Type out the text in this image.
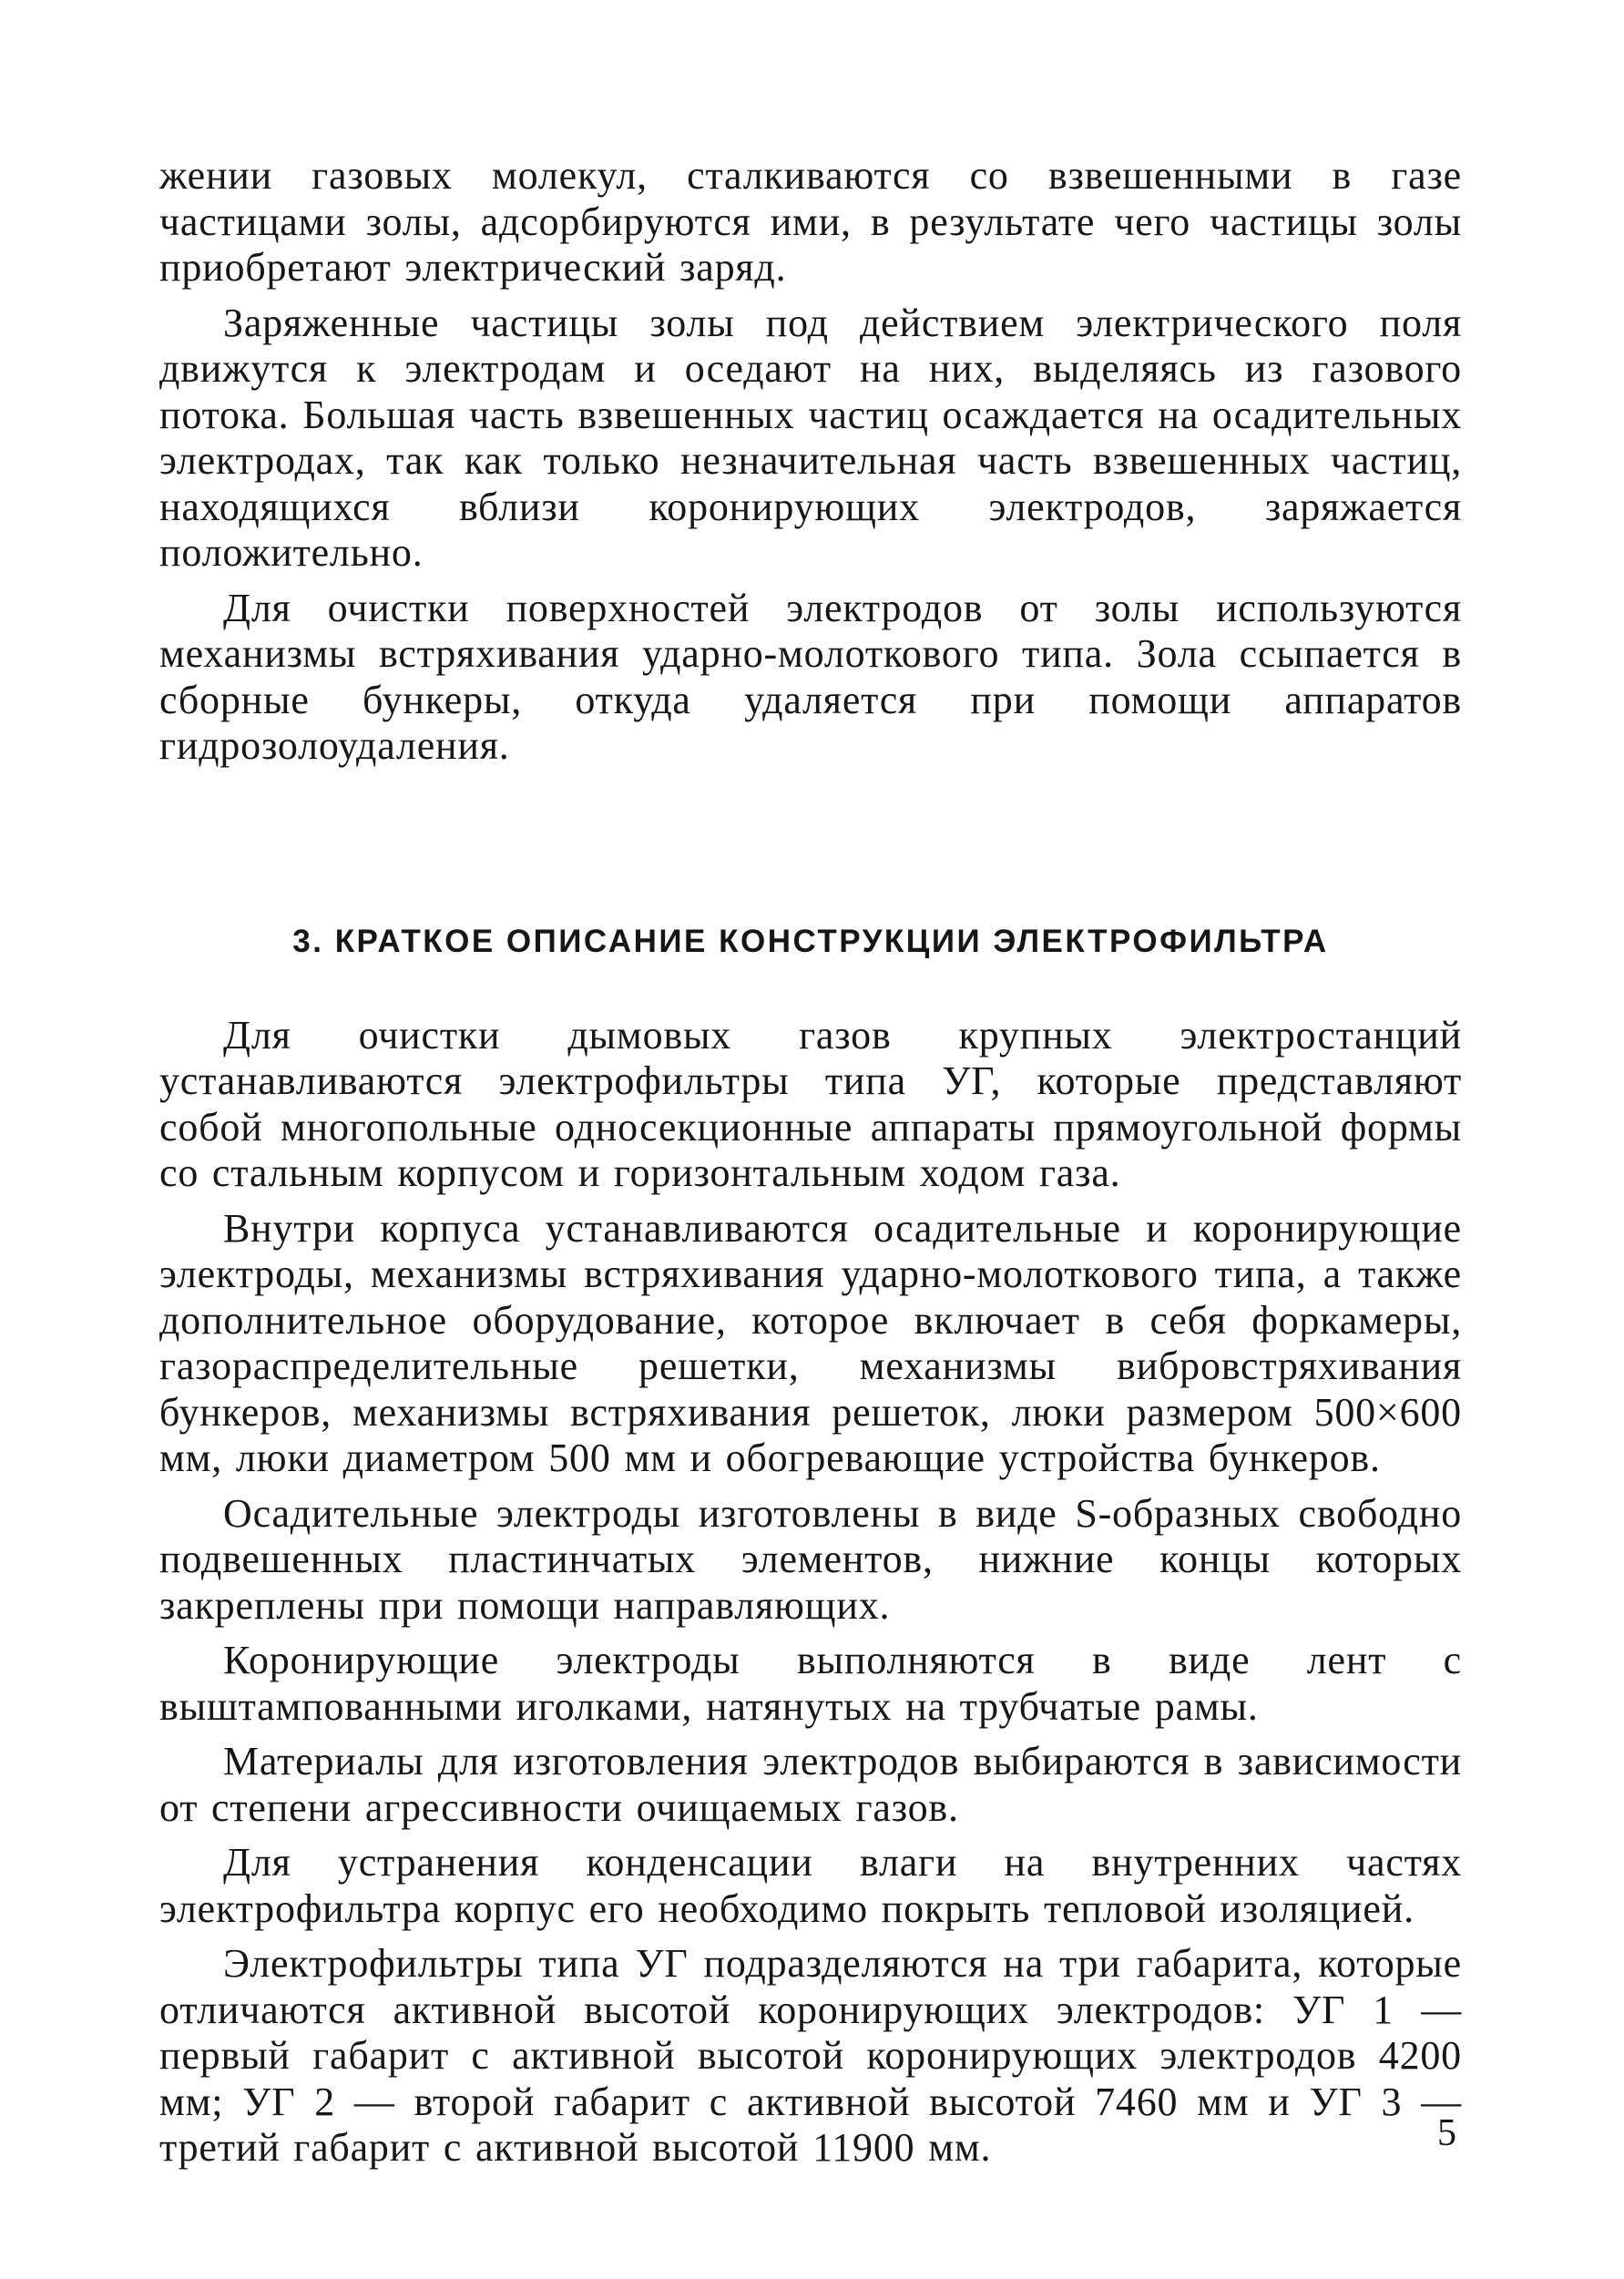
жении газовых молекул, сталкиваются со взвешенными в газе частицами золы, адсорбируются ими, в результате чего частицы золы приобретают электрический заряд.

Заряженные частицы золы под действием электрического поля движутся к электродам и оседают на них, выделяясь из газового потока. Большая часть взвешенных частиц осаждается на осадительных электродах, так как только незначительная часть взвешенных частиц, находящихся вблизи коронирующих электродов, заряжается положительно.

Для очистки поверхностей электродов от золы используются механизмы встряхивания ударно-молоткового типа. Зола ссыпается в сборные бункеры, откуда удаляется при помощи аппаратов гидрозолоудаления.

3. КРАТКОЕ ОПИСАНИЕ КОНСТРУКЦИИ ЭЛЕКТРОФИЛЬТРА

Для очистки дымовых газов крупных электростанций устанавливаются электрофильтры типа УГ, которые представляют собой многопольные односекционные аппараты прямоугольной формы со стальным корпусом и горизонтальным ходом газа.

Внутри корпуса устанавливаются осадительные и коронирующие электроды, механизмы встряхивания ударно-молоткового типа, а также дополнительное оборудование, которое включает в себя форкамеры, газораспределительные решетки, механизмы вибровстряхивания бункеров, механизмы встряхивания решеток, люки размером 500×600 мм, люки диаметром 500 мм и обогревающие устройства бункеров.

Осадительные электроды изготовлены в виде S-образных свободно подвешенных пластинчатых элементов, нижние концы которых закреплены при помощи направляющих.

Коронирующие электроды выполняются в виде лент с выштампованными иголками, натянутых на трубчатые рамы.

Материалы для изготовления электродов выбираются в зависимости от степени агрессивности очищаемых газов.

Для устранения конденсации влаги на внутренних частях электрофильтра корпус его необходимо покрыть тепловой изоляцией.

Электрофильтры типа УГ подразделяются на три габарита, которые отличаются активной высотой коронирующих электродов: УГ 1 — первый габарит с активной высотой коронирующих электродов 4200 мм; УГ 2 — второй габарит с активной высотой 7460 мм и УГ 3 — третий габарит с активной высотой 11900 мм.	5
